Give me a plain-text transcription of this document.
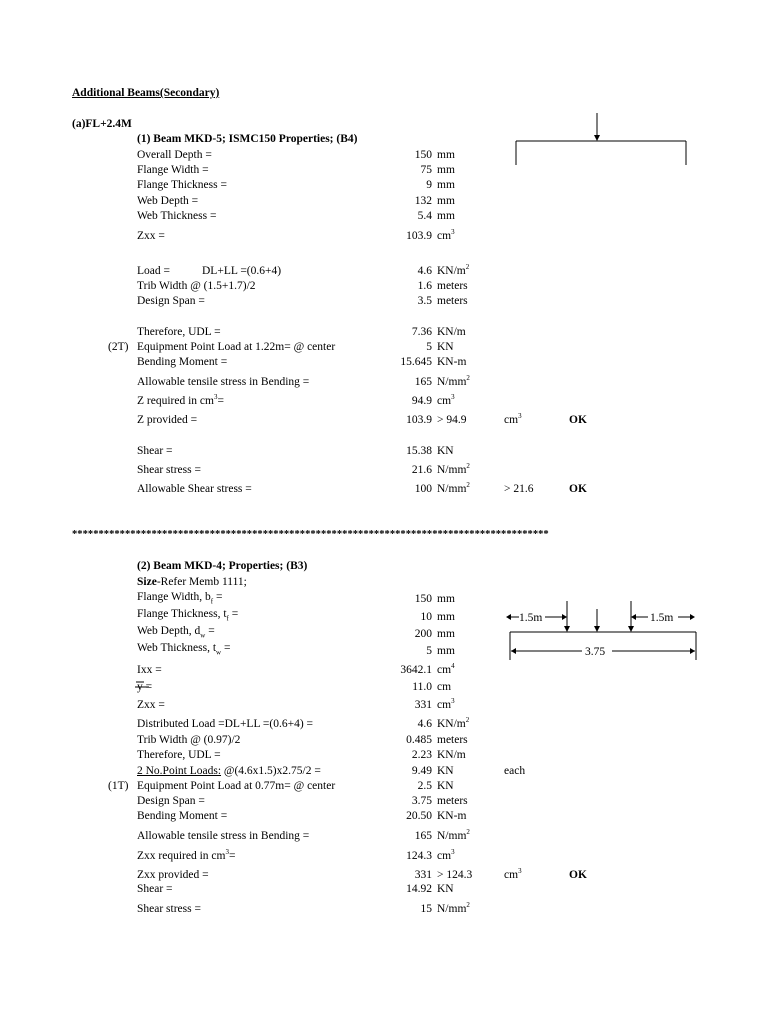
Additional Beams(Secondary)
(a)FL+2.4M
(1) Beam MKD-5; ISMC150 Properties; (B4)
Overall Depth =	150 mm
Flange Width =	75 mm
Flange Thickness =	9 mm
Web Depth =	132 mm
Web Thickness =	5.4 mm
Zxx =	103.9 $cm^3$
Load =	DL+LL =(0.6+4)	4.6 $KN/m^2$
Trib Width @ (1.5+1.7)/2	1.6 meters
Design Span =	3.5 meters
Therefore, UDL =	7.36 KN/m
(2T) Equipment Point Load at 1.22m= @ center	5 KN
Bending Moment =	15.645 KN-m
Allowable tensile stress in Bending =	165 $N/mm^2$
Z required in $cm^3=$	94.9 $cm^3$
Z provided =	103.9 > 94.9	$cm^3$	OK
Shear =	15.38 KN
Shear stress =	21.6 $N/mm^2$
Allowable Shear stress =	100 $N/mm^2$	> 21.6	OK
******************************************************************************************
(2) Beam MKD-4; Properties; (B3)
Size-Refer Memb 1111;
Flange Width, $b_f$ =	150 mm
Flange Thickness, $t_f$ =	10 mm
Web Depth, $d_w$ =	200 mm
Web Thickness, $t_w$ =	5 mm
Ixx =	3642.1 $cm^4$
y =	11.0 cm
Zxx =	331 $cm^3$
Distributed Load =DL+LL =(0.6+4) =	4.6 $KN/m^2$
Trib Width @ (0.97)/2	0.485 meters
Therefore, UDL =	2.23 KN/m
2 No.Point Loads: @(4.6x1.5)x2.75/2 =	9.49 KN	each
(1T) Equipment Point Load at 0.77m= @ center	2.5 KN
Design Span =	3.75 meters
Bending Moment =	20.50 KN-m
Allowable tensile stress in Bending =	165 $N/mm^2$
Zxx required in $cm^3=$	124.3 $cm^3$
Zxx provided =	331 > 124.3	$cm^3$	OK
Shear =	14.92 KN
Shear stress =	15 $N/mm^2$
1.5m	1.5m
3.75
